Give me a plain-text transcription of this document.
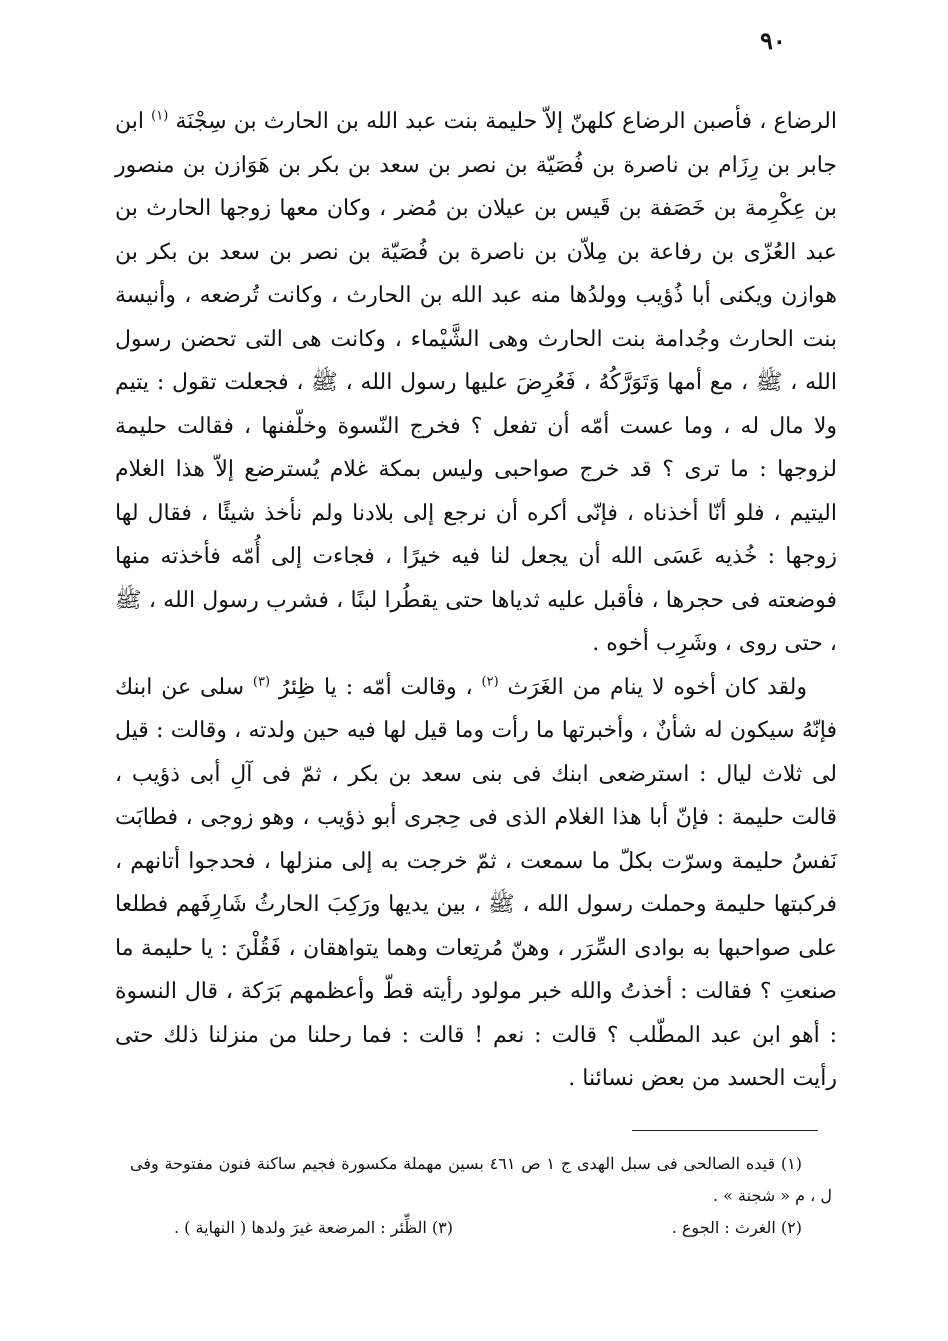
٩٠

الرضاع ، فأصبن الرضاع كلهنّ إلاّ حليمة بنت عبد الله بن الحارث بن سِجْنَة $^{(١)}$ ابن جابر بن رِزَام بن ناصرة بن فُصَيّة بن نصر بن سعد بن بكر بن هَوَازن بن منصور بن عِكْرِمة بن خَصَفة بن قَيس بن عيلان بن مُضر ، وكان معها زوجها الحارث بن عبد العُزّى بن رفاعة بن مِلاّن بن ناصرة بن فُصَيّة بن نصر بن سعد بن بكر بن هوازن ويكنى أبا ذُؤيب وولدُها منه عبد الله بن الحارث ، وكانت تُرضعه ، وأنيسة بنت الحارث وجُدامة بنت الحارث وهى الشَّيْماء ، وكانت هى التى تحضن رسول الله ، ﷺ ، مع أمها وَتَوَرَّكُهُ ، فَعُرِضَ عليها رسول الله ، ﷺ ، فجعلت تقول : يتيم ولا مال له ، وما عست أمّه أن تفعل ؟ فخرج النّسوة وخلّفنها ، فقالت حليمة لزوجها : ما ترى ؟ قد خرج صواحبى وليس بمكة غلام يُسترضع إلاّ هذا الغلام اليتيم ، فلو أنّا أخذناه ، فإنّى أكره أن نرجع إلى بلادنا ولم نأخذ شيئًا ، فقال لها زوجها : خُذيه عَسَى الله أن يجعل لنا فيه خيرًا ، فجاءت إلى أُمّه فأخذته منها فوضعته فى حجرها ، فأقبل عليه ثدياها حتى يقطُرا لبنًا ، فشرب رسول الله ، ﷺ ، حتى روى ، وشَرِب أخوه .

ولقد كان أخوه لا ينام من الغَرَث $^{(٢)}$ ، وقالت أمّه : يا ظِئرُ $^{(٣)}$ سلى عن ابنك فإنّهُ سيكون له شأنٌ ، وأخبرتها ما رأت وما قيل لها فيه حين ولدته ، وقالت : قيل لى ثلاث ليال : استرضعى ابنك فى بنى سعد بن بكر ، ثمّ فى آلِ أبى ذؤيب ، قالت حليمة : فإنّ أبا هذا الغلام الذى فى حِجرى أبو ذؤيب ، وهو زوجى ، فطابَت نَفسُ حليمة وسرّت بكلّ ما سمعت ، ثمّ خرجت به إلى منزلها ، فحدجوا أتانهم ، فركبتها حليمة وحملت رسول الله ، ﷺ ، بين يديها ورَكِبَ الحارثُ شَارِفَهم فطلعا على صواحبها به بوادى السِّرَر ، وهنّ مُرتِعات وهما يتواهقان ، فَقُلْنَ : يا حليمة ما صنعتِ ؟ فقالت : أخذتُ والله خبر مولود رأيته قطّ وأعظمهم بَرَكة ، قال النسوة : أهو ابن عبد المطّلب ؟ قالت : نعم ! قالت : فما رحلنا من منزلنا ذلك حتى رأيت الحسد من بعض نسائنا .

(١) قيده الصالحى فى سبل الهدى ج ١ ص ٤٦١ بسين مهملة مكسورة فجيم ساكنة فنون مفتوحة وفى ل ، م « شجنة » .

(٢) الغرث : الجوع .
(٣) الظِّئر : المرضعة غيرَ ولدها ( النهاية ) .
